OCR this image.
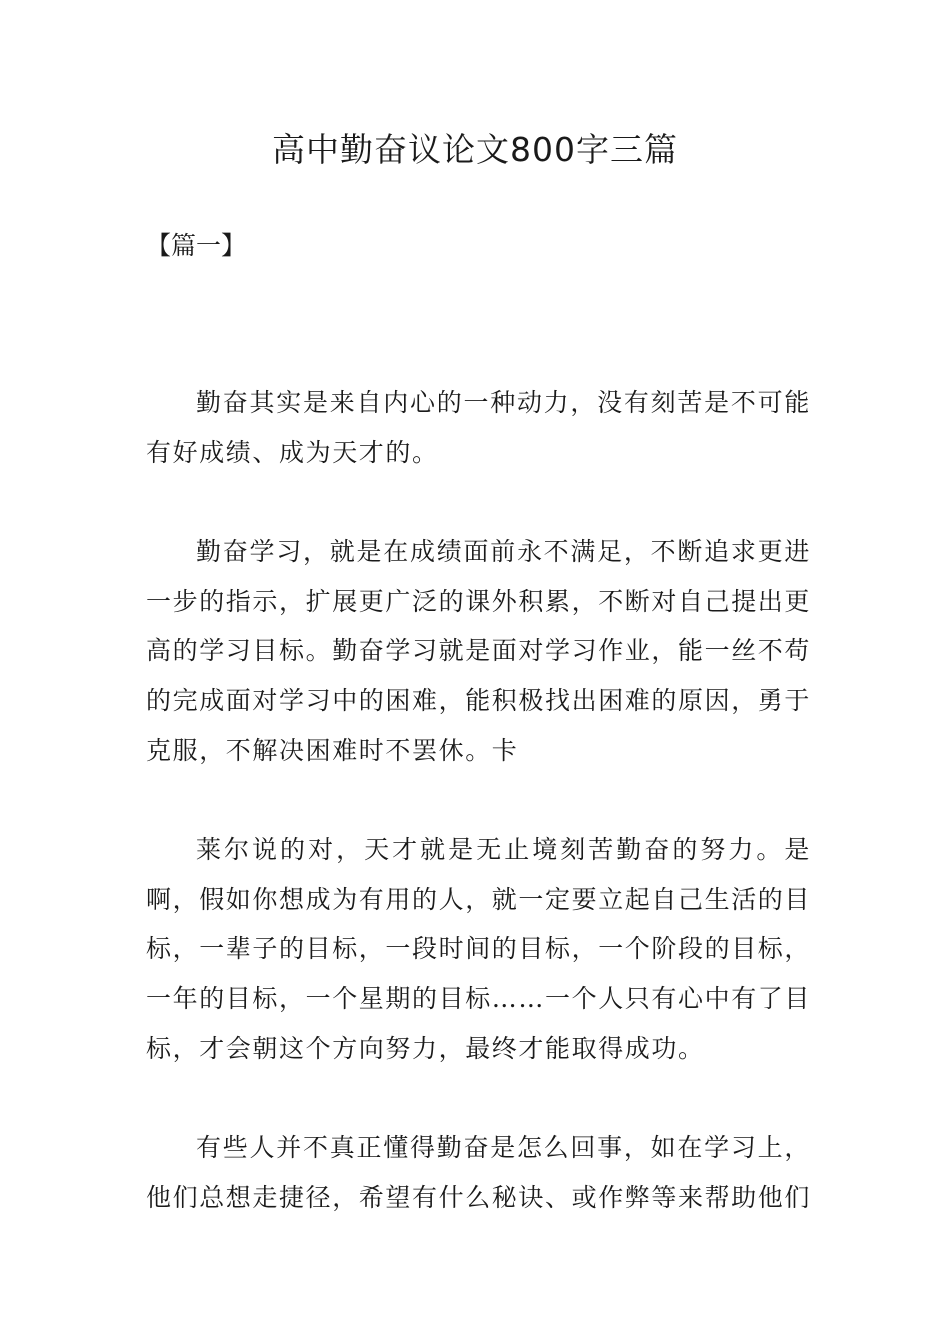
高中勤奋议论文800字三篇

【篇一】

勤奋其实是来自内心的一种动力，没有刻苦是不可能有好成绩、成为天才的。

勤奋学习，就是在成绩面前永不满足，不断追求更进一步的指示，扩展更广泛的课外积累，不断对自己提出更高的学习目标。勤奋学习就是面对学习作业，能一丝不苟的完成面对学习中的困难，能积极找出困难的原因，勇于克服，不解决困难时不罢休。卡

莱尔说的对，天才就是无止境刻苦勤奋的努力。是啊，假如你想成为有用的人，就一定要立起自己生活的目标，一辈子的目标，一段时间的目标，一个阶段的目标，一年的目标，一个星期的目标……一个人只有心中有了目标，才会朝这个方向努力，最终才能取得成功。

有些人并不真正懂得勤奋是怎么回事，如在学习上，他们总想走捷径，希望有什么秘诀、或作弊等来帮助他们
